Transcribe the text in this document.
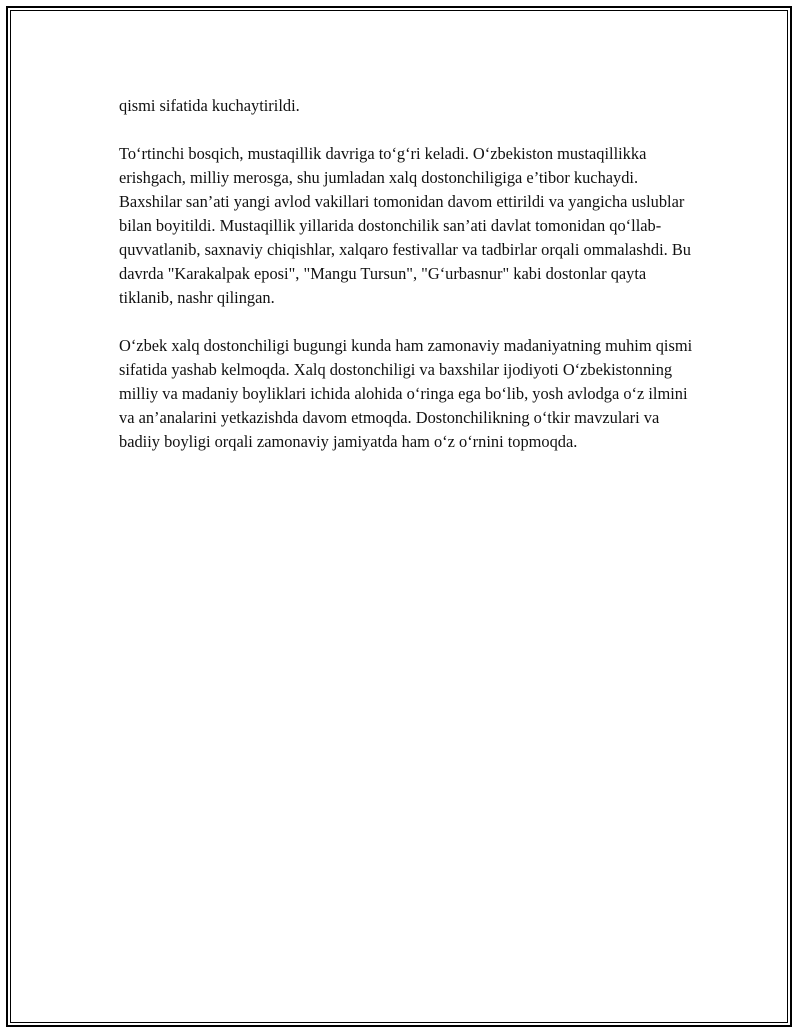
qismi sifatida kuchaytirildi.

To‘rtinchi bosqich, mustaqillik davriga to‘g‘ri keladi. O‘zbekiston mustaqillikka erishgach, milliy merosga, shu jumladan xalq dostonchiligiga e’tibor kuchaydi. Baxshilar san’ati yangi avlod vakillari tomonidan davom ettirildi va yangicha uslublar bilan boyitildi. Mustaqillik yillarida dostonchilik san’ati davlat tomonidan qo‘llab-quvvatlanib, saxnaviy chiqishlar, xalqaro festivallar va tadbirlar orqali ommalashdi. Bu davrda "Karakalpak eposi", "Mangu Tursun", "G‘urbasnur" kabi dostonlar qayta tiklanib, nashr qilingan.

O‘zbek xalq dostonchiligi bugungi kunda ham zamonaviy madaniyatning muhim qismi sifatida yashab kelmoqda. Xalq dostonchiligi va baxshilar ijodiyoti O‘zbekistonning milliy va madaniy boyliklari ichida alohida o‘ringa ega bo‘lib, yosh avlodga o‘z ilmini va an’analarini yetkazishda davom etmoqda. Dostonchilikning o‘tkir mavzulari va badiiy boyligi orqali zamonaviy jamiyatda ham o‘z o‘rnini topmoqda.
